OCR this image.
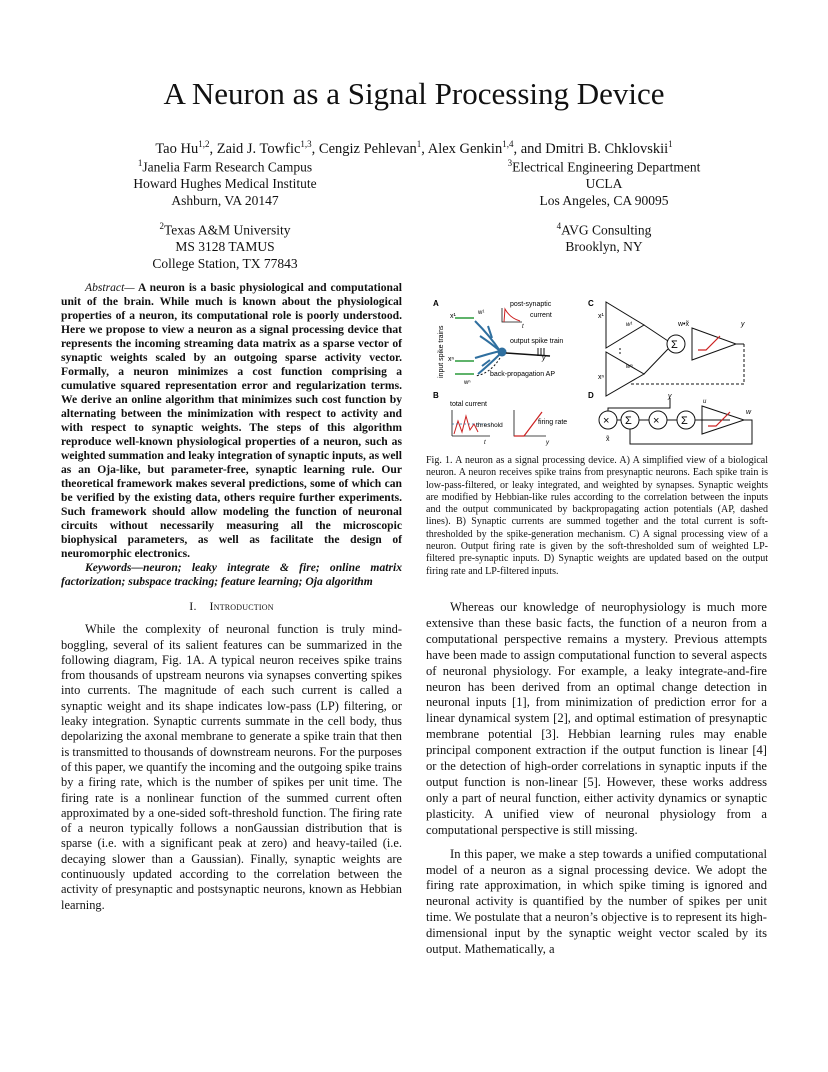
A Neuron as a Signal Processing Device
Tao Hu$^{1,2}$, Zaid J. Towfic$^{1,3}$, Cengiz Pehlevan$^1$, Alex Genkin$^{1,4}$, and Dmitri B. Chklovskii$^1$
$^1$Janelia Farm Research Campus
Howard Hughes Medical Institute
Ashburn, VA 20147
$^2$Texas A&M University
MS 3128 TAMUS
College Station, TX 77843
$^3$Electrical Engineering Department
UCLA
Los Angeles, CA 90095
$^4$AVG Consulting
Brooklyn, NY
Abstract— A neuron is a basic physiological and computational unit of the brain. While much is known about the physiological properties of a neuron, its computational role is poorly understood. Here we propose to view a neuron as a signal processing device that represents the incoming streaming data matrix as a sparse vector of synaptic weights scaled by an outgoing sparse activity vector. Formally, a neuron minimizes a cost function comprising a cumulative squared representation error and regularization terms. We derive an online algorithm that minimizes such cost function by alternating between the minimization with respect to activity and with respect to synaptic weights. The steps of this algorithm reproduce well-known physiological properties of a neuron, such as weighted summation and leaky integration of synaptic inputs, as well as an Oja-like, but parameter-free, synaptic learning rule. Our theoretical framework makes several predictions, some of which can be verified by the existing data, others require further experiments. Such framework should allow modeling the function of neuronal circuits without necessarily measuring all the microscopic biophysical parameters, as well as facilitate the design of neuromorphic electronics.
Keywords—neuron; leaky integrate & fire; online matrix factorization; subspace tracking; feature learning; Oja algorithm
I. Introduction

While the complexity of neuronal function is truly mind-boggling, several of its salient features can be summarized in the following diagram, Fig. 1A. A typical neuron receives spike trains from thousands of upstream neurons via synapses converting spikes into currents. The magnitude of each such current is called a synaptic weight and its shape indicates low-pass (LP) filtering, or leaky integration. Synaptic currents summate in the cell body, thus depolarizing the axonal membrane to generate a spike train that then is transmitted to thousands of downstream neurons. For the purposes of this paper, we quantify the incoming and the outgoing spike trains by a firing rate, which is the number of spikes per unit time. The firing rate is a nonlinear function of the summed current often approximated by a one-sided soft-threshold function. The firing rate of a neuron typically follows a nonGaussian distribution that is sparse (i.e. with a significant peak at zero) and heavy-tailed (i.e. decaying slower than a Gaussian). Finally, synaptic weights are continuously updated according to the correlation between the activity of presynaptic and postsynaptic neurons, known as Hebbian learning.

A
input spike trains
x¹
xⁿ	y
w¹
wⁿ
t
post-synaptic
current
output spike train
back-propagation AP
B
total current
threshold
t
firing rate
y
C
x¹
xⁿ
Σ
w•x̃	y
w¹
wⁿ
D	y
× Σ × Σ
w
u
x̃
Fig. 1. A neuron as a signal processing device. A) A simplified view of a biological neuron. A neuron receives spike trains from presynaptic neurons. Each spike train is low-pass-filtered, or leaky integrated, and weighted by synapses. Synaptic weights are modified by Hebbian-like rules according to the correlation between the inputs and the output communicated by backpropagating action potentials (AP, dashed lines). B) Synaptic currents are summed together and the total current is soft-thresholded by the spike-generation mechanism. C) A signal processing view of a neuron. Output firing rate is given by the soft-thresholded sum of weighted LP-filtered pre-synaptic inputs. D) Synaptic weights are updated based on the output firing rate and LP-filtered inputs.

Whereas our knowledge of neurophysiology is much more extensive than these basic facts, the function of a neuron from a computational perspective remains a mystery. Previous attempts have been made to assign computational function to several aspects of neuronal physiology. For example, a leaky integrate-and-fire neuron has been derived from an optimal change detection in neuronal inputs [1], from minimization of prediction error for a linear dynamical system [2], and optimal estimation of presynaptic membrane potential [3]. Hebbian learning rules may enable principal component extraction if the output function is linear [4] or the detection of high-order correlations in synaptic inputs if the output function is non-linear [5]. However, these works address only a part of neural function, either activity dynamics or synaptic plasticity. A unified view of neuronal physiology from a computational perspective is still missing.

In this paper, we make a step towards a unified computational model of a neuron as a signal processing device. We adopt the firing rate approximation, in which spike timing is ignored and neuronal activity is quantified by the number of spikes per unit time. We postulate that a neuron’s objective is to represent its high-dimensional input by the synaptic weight vector scaled by its output. Mathematically, a
